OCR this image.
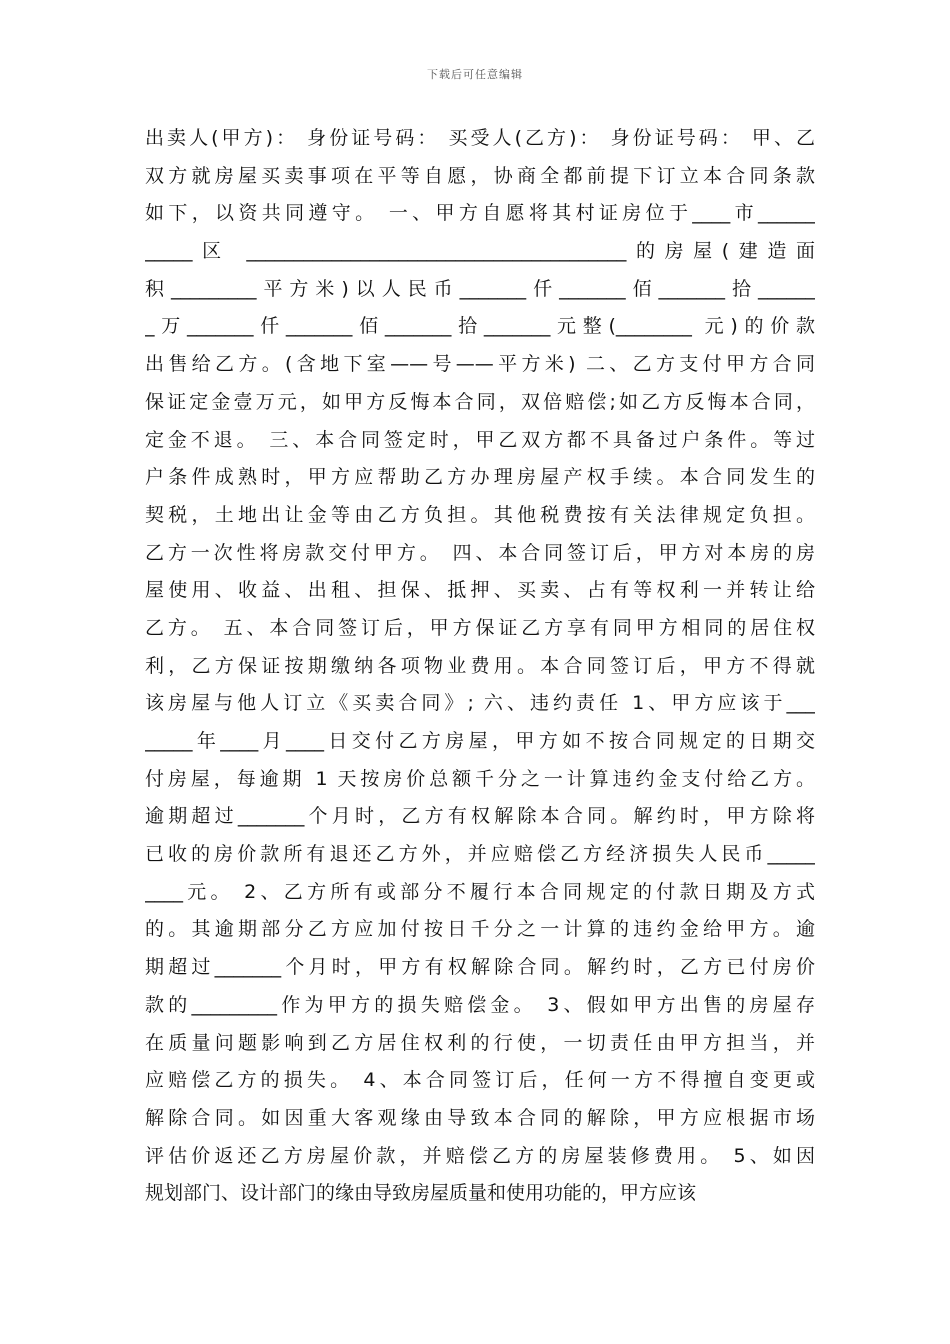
下载后可任意编辑
出卖人(甲方)： 身份证号码： 买受人(乙方)： 身份证号码： 甲、乙
双方就房屋买卖事项在平等自愿，协商全都前提下订立本合同条款
如下，以资共同遵守。 一、甲方自愿将其村证房位于____市______
_____区 ________________________________________的房屋(建造面
积_________平方米)以人民币_______仟_______佰_______拾______
_万_______仟_______佰_______拾_______元整(________ 元)的价款
出售给乙方。(含地下室——号——平方米) 二、乙方支付甲方合同
保证定金壹万元，如甲方反悔本合同，双倍赔偿;如乙方反悔本合同，
定金不退。 三、本合同签定时，甲乙双方都不具备过户条件。等过
户条件成熟时，甲方应帮助乙方办理房屋产权手续。本合同发生的
契税，土地出让金等由乙方负担。其他税费按有关法律规定负担。
乙方一次性将房款交付甲方。 四、本合同签订后，甲方对本房的房
屋使用、收益、出租、担保、抵押、买卖、占有等权利一并转让给
乙方。 五、本合同签订后，甲方保证乙方享有同甲方相同的居住权
利，乙方保证按期缴纳各项物业费用。本合同签订后，甲方不得就
该房屋与他人订立《买卖合同》; 六、违约责任 1、甲方应该于___
_____年____月____日交付乙方房屋，甲方如不按合同规定的日期交
付房屋，每逾期 1 天按房价总额千分之一计算违约金支付给乙方。
逾期超过_______个月时，乙方有权解除本合同。解约时，甲方除将
已收的房价款所有退还乙方外，并应赔偿乙方经济损失人民币_____
____元。 2、乙方所有或部分不履行本合同规定的付款日期及方式
的。其逾期部分乙方应加付按日千分之一计算的违约金给甲方。逾
期超过_______个月时，甲方有权解除合同。解约时，乙方已付房价
款的_________作为甲方的损失赔偿金。 3、假如甲方出售的房屋存
在质量问题影响到乙方居住权利的行使，一切责任由甲方担当，并
应赔偿乙方的损失。 4、本合同签订后，任何一方不得擅自变更或
解除合同。如因重大客观缘由导致本合同的解除，甲方应根据市场
评估价返还乙方房屋价款，并赔偿乙方的房屋装修费用。 5、如因
规划部门、设计部门的缘由导致房屋质量和使用功能的，甲方应该
